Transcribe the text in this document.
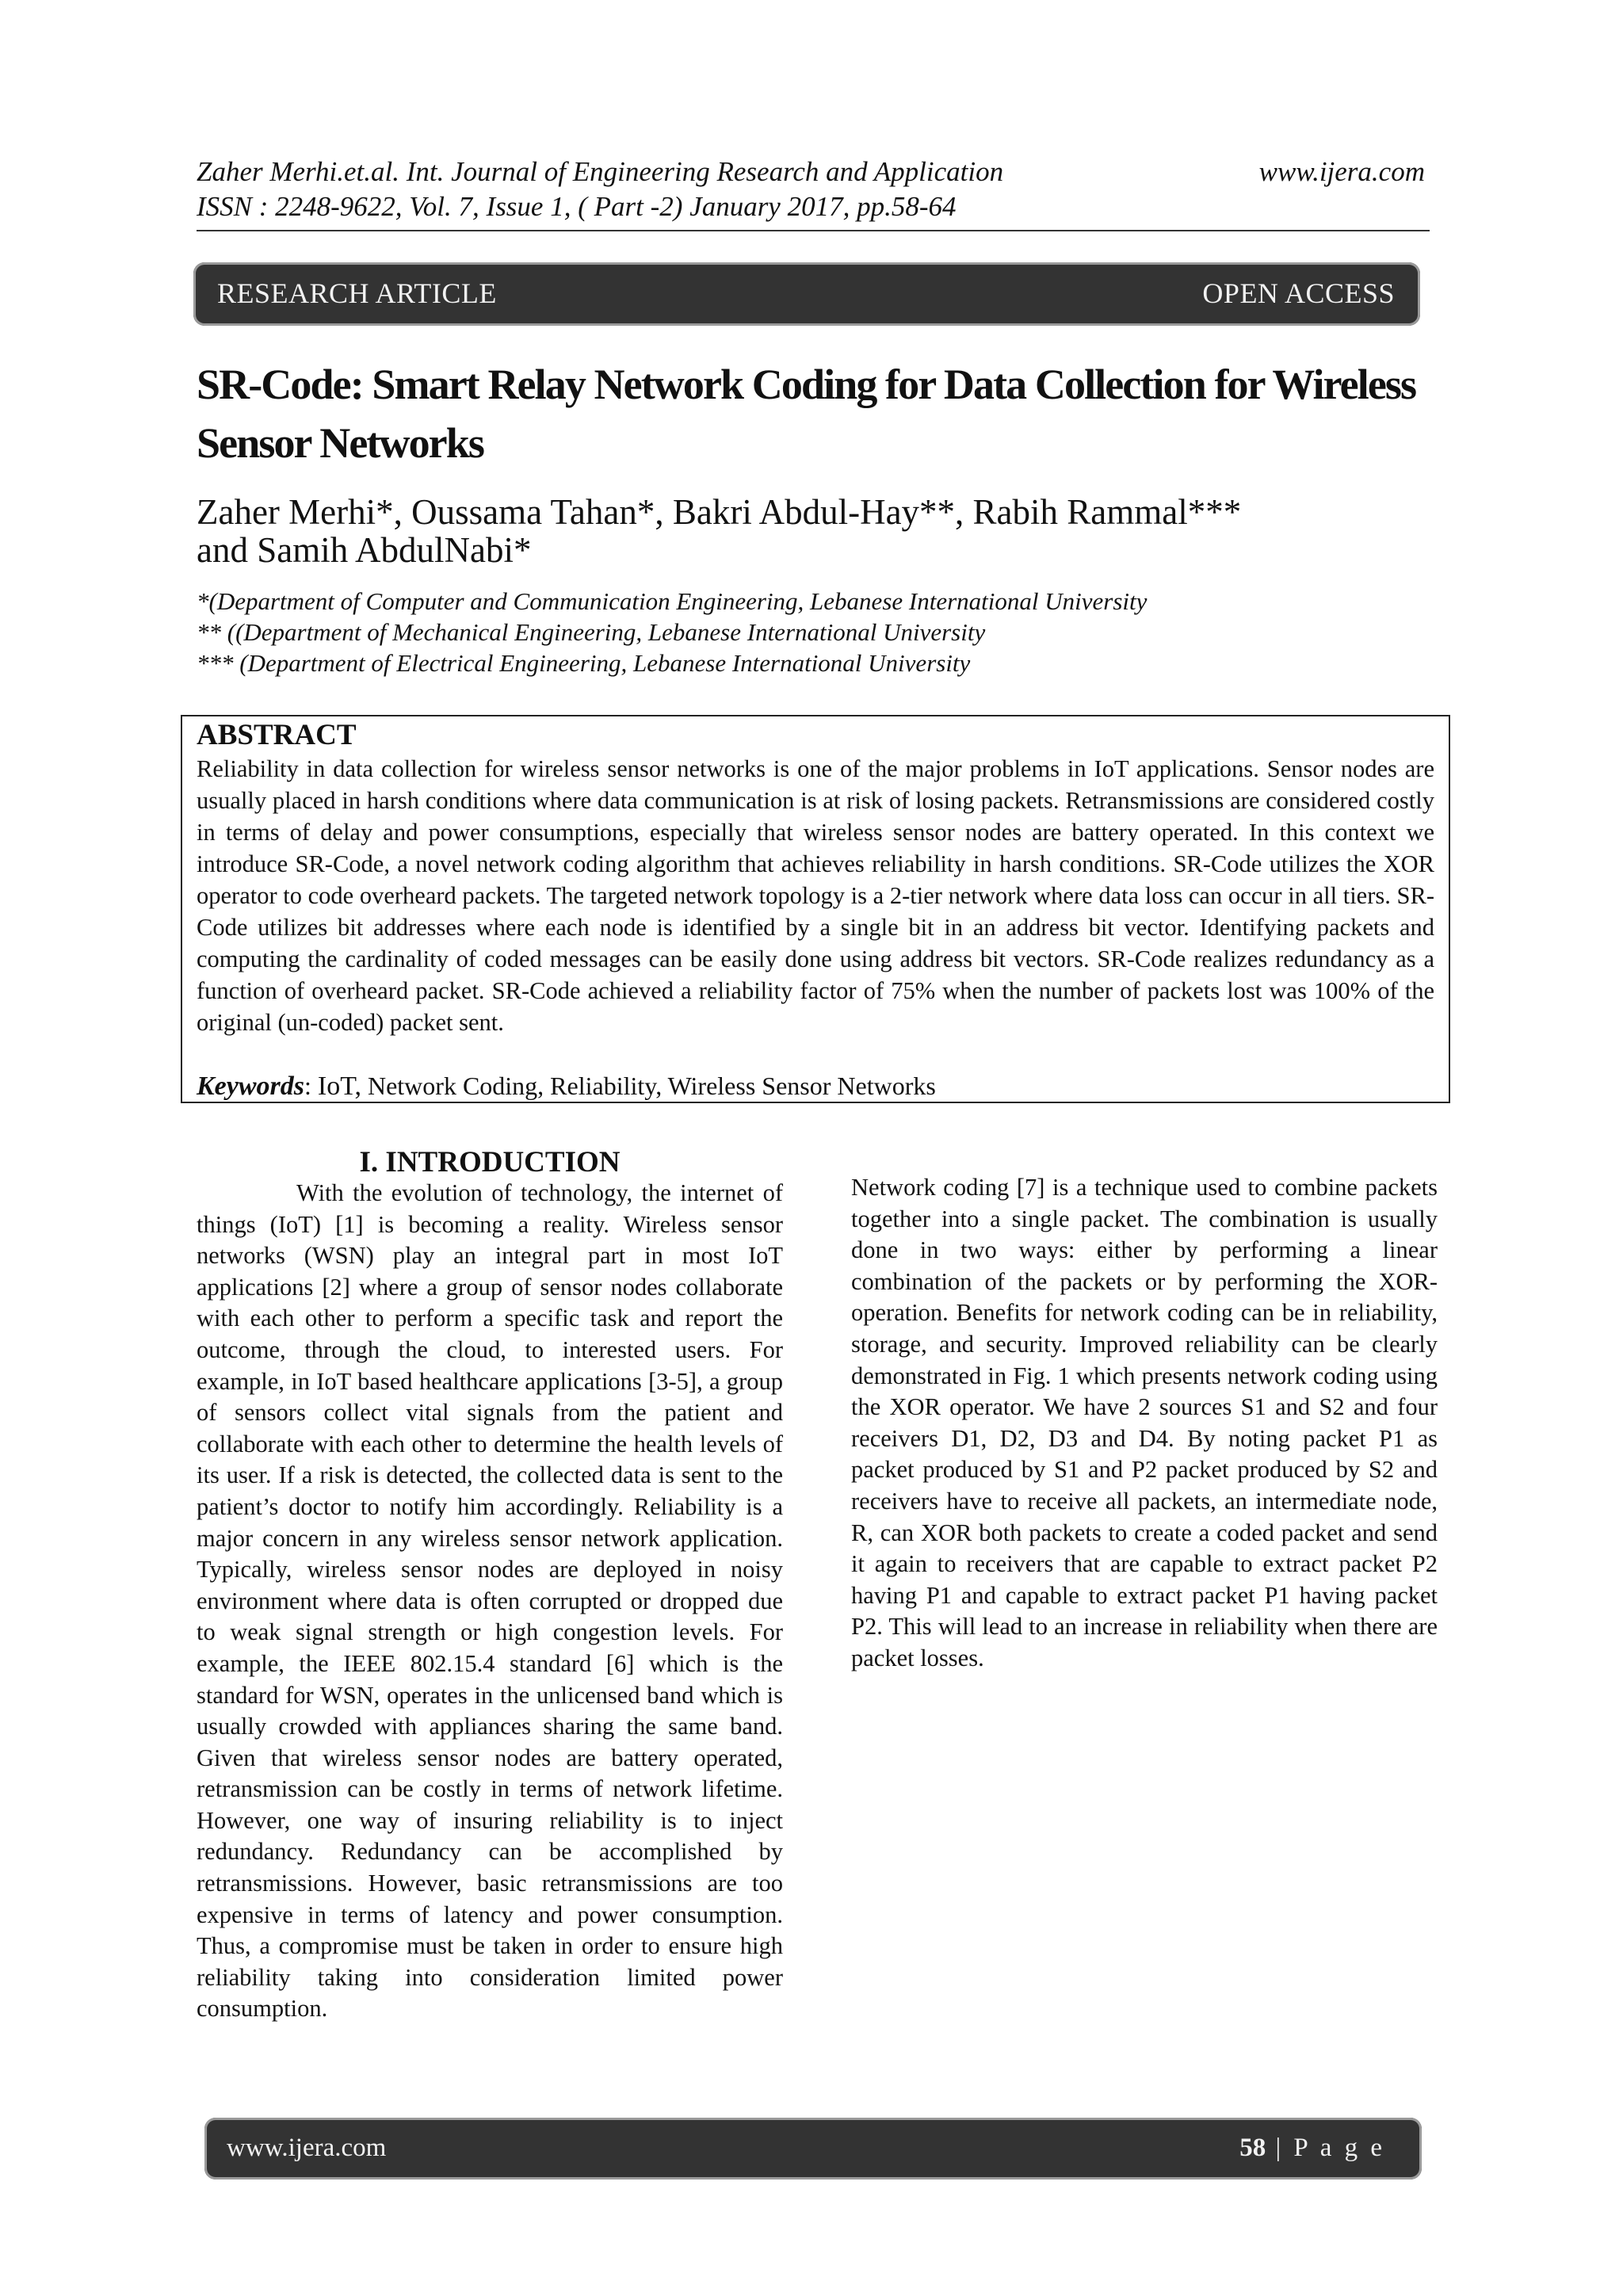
Zaher Merhi.et.al. Int. Journal of Engineering Research and Application	www.ijera.com
ISSN : 2248-9622, Vol. 7, Issue 1, ( Part -2) January 2017, pp.58-64
RESEARCH ARTICLE	OPEN ACCESS
SR-Code: Smart Relay Network Coding for Data Collection for Wireless
Sensor Networks
Zaher Merhi*, Oussama Tahan*, Bakri Abdul-Hay**, Rabih Rammal***
and Samih AbdulNabi*
*(Department of Computer and Communication Engineering, Lebanese International University
** ((Department of Mechanical Engineering, Lebanese International University
*** (Department of Electrical Engineering, Lebanese International University
ABSTRACT
Reliability in data collection for wireless sensor networks is one of the major problems in IoT applications. Sensor nodes are usually placed in harsh conditions where data communication is at risk of losing packets. Retransmissions are considered costly in terms of delay and power consumptions, especially that wireless sensor nodes are battery operated. In this context we introduce SR-Code, a novel network coding algorithm that achieves reliability in harsh conditions. SR-Code utilizes the XOR operator to code overheard packets. The targeted network topology is a 2-tier network where data loss can occur in all tiers. SR-Code utilizes bit addresses where each node is identified by a single bit in an address bit vector. Identifying packets and computing the cardinality of coded messages can be easily done using address bit vectors. SR-Code realizes redundancy as a function of overheard packet. SR-Code achieved a reliability factor of 75% when the number of packets lost was 100% of the original (un-coded) packet sent.
Keywords: IoT, Network Coding, Reliability, Wireless Sensor Networks
I. INTRODUCTION
With the evolution of technology, the internet of things (IoT) [1] is becoming a reality. Wireless sensor networks (WSN) play an integral part in most IoT applications [2] where a group of sensor nodes collaborate with each other to perform a specific task and report the outcome, through the cloud, to interested users. For example, in IoT based healthcare applications [3-5], a group of sensors collect vital signals from the patient and collaborate with each other to determine the health levels of its user. If a risk is detected, the collected data is sent to the patient’s doctor to notify him accordingly. Reliability is a major concern in any wireless sensor network application. Typically, wireless sensor nodes are deployed in noisy environment where data is often corrupted or dropped due to weak signal strength or high congestion levels. For example, the IEEE 802.15.4 standard [6] which is the standard for WSN, operates in the unlicensed band which is usually crowded with appliances sharing the same band. Given that wireless sensor nodes are battery operated, retransmission can be costly in terms of network lifetime. However, one way of insuring reliability is to inject redundancy. Redundancy can be accomplished by retransmissions. However, basic retransmissions are too expensive in terms of latency and power consumption. Thus, a compromise must be taken in order to ensure high reliability taking into consideration limited power consumption.
Network coding [7] is a technique used to combine packets together into a single packet. The combination is usually done in two ways: either by performing a linear combination of the packets or by performing the XOR-operation. Benefits for network coding can be in reliability, storage, and security. Improved reliability can be clearly demonstrated in Fig. 1 which presents network coding using the XOR operator. We have 2 sources S1 and S2 and four receivers D1, D2, D3 and D4. By noting packet P1 as packet produced by S1 and P2 packet produced by S2 and receivers have to receive all packets, an intermediate node, R, can XOR both packets to create a coded packet and send it again to receivers that are capable to extract packet P2 having P1 and capable to extract packet P1 having packet P2. This will lead to an increase in reliability when there are packet losses.
www.ijera.com	58 | P a g e
